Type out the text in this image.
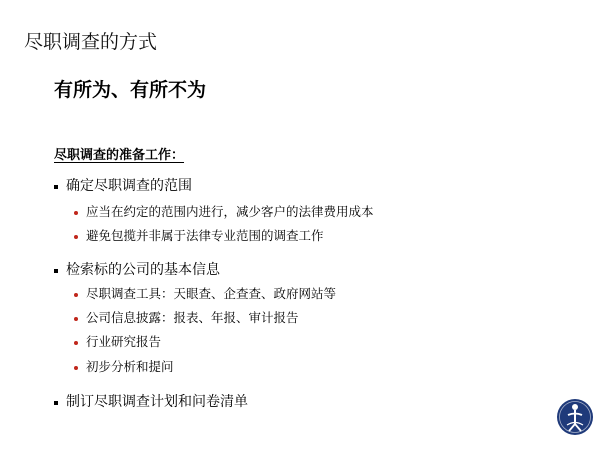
尽职调查的方式
有所为、有所不为
尽职调查的准备工作：
确定尽职调查的范围
应当在约定的范围内进行，减少客户的法律费用成本
避免包揽并非属于法律专业范围的调查工作
检索标的公司的基本信息
尽职调查工具：天眼查、企查查、政府网站等
公司信息披露：报表、年报、审计报告
行业研究报告
初步分析和提问
制订尽职调查计划和问卷清单
